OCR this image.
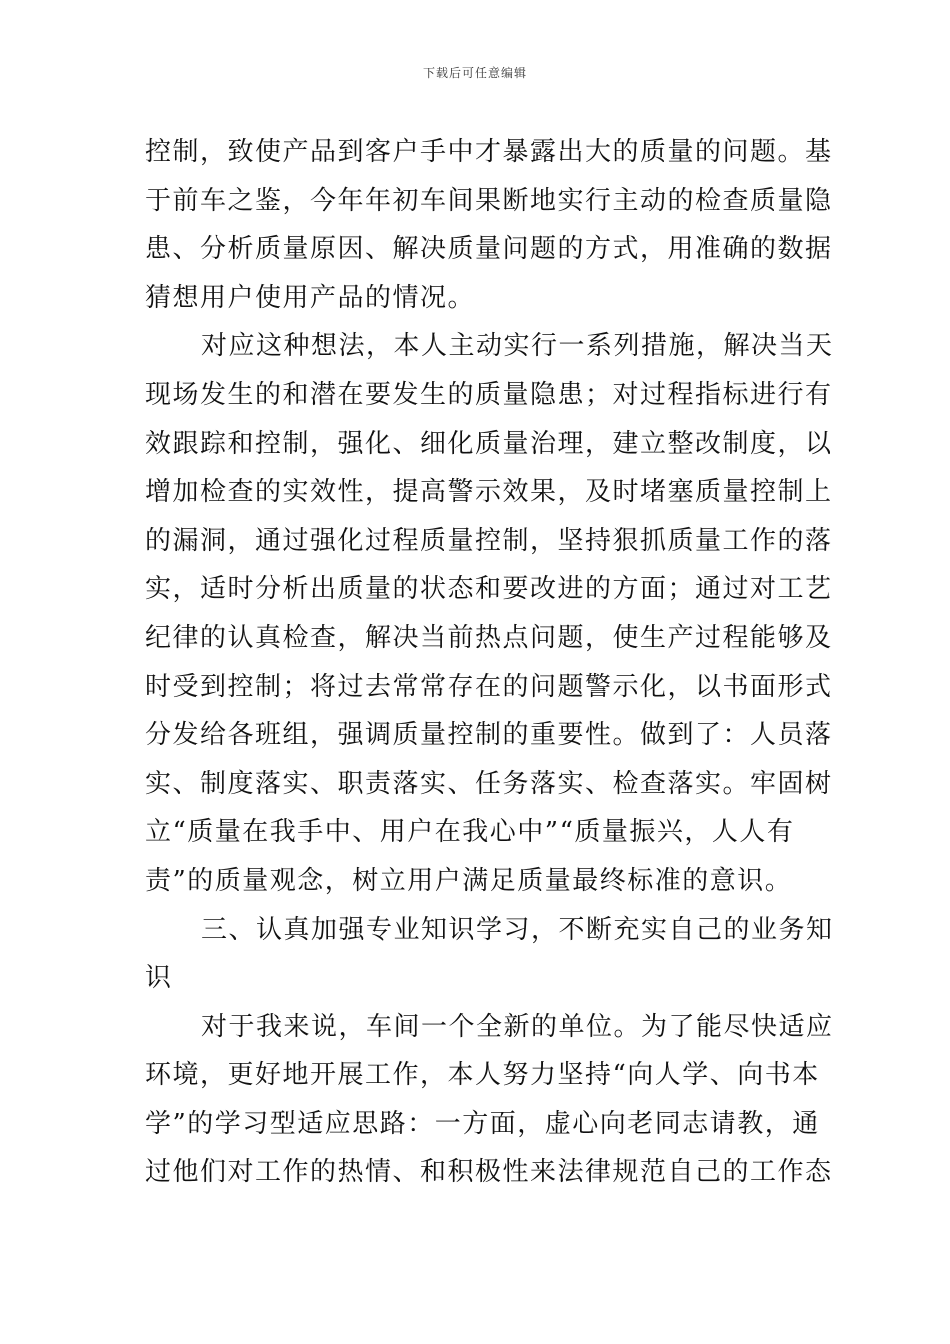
下载后可任意编辑
控制，致使产品到客户手中才暴露出大的质量的问题。基
于前车之鉴，今年年初车间果断地实行主动的检查质量隐
患、分析质量原因、解决质量问题的方式，用准确的数据
猜想用户使用产品的情况。
对应这种想法，本人主动实行一系列措施，解决当天
现场发生的和潜在要发生的质量隐患；对过程指标进行有
效跟踪和控制，强化、细化质量治理，建立整改制度，以
增加检查的实效性，提高警示效果，及时堵塞质量控制上
的漏洞，通过强化过程质量控制，坚持狠抓质量工作的落
实，适时分析出质量的状态和要改进的方面；通过对工艺
纪律的认真检查，解决当前热点问题，使生产过程能够及
时受到控制；将过去常常存在的问题警示化，以书面形式
分发给各班组，强调质量控制的重要性。做到了：人员落
实、制度落实、职责落实、任务落实、检查落实。牢固树
立“质量在我手中、用户在我心中”“质量振兴，人人有
责”的质量观念，树立用户满足质量最终标准的意识。
三、认真加强专业知识学习，不断充实自己的业务知
识
对于我来说，车间一个全新的单位。为了能尽快适应
环境，更好地开展工作，本人努力坚持“向人学、向书本
学”的学习型适应思路：一方面，虚心向老同志请教，通
过他们对工作的热情、和积极性来法律规范自己的工作态
